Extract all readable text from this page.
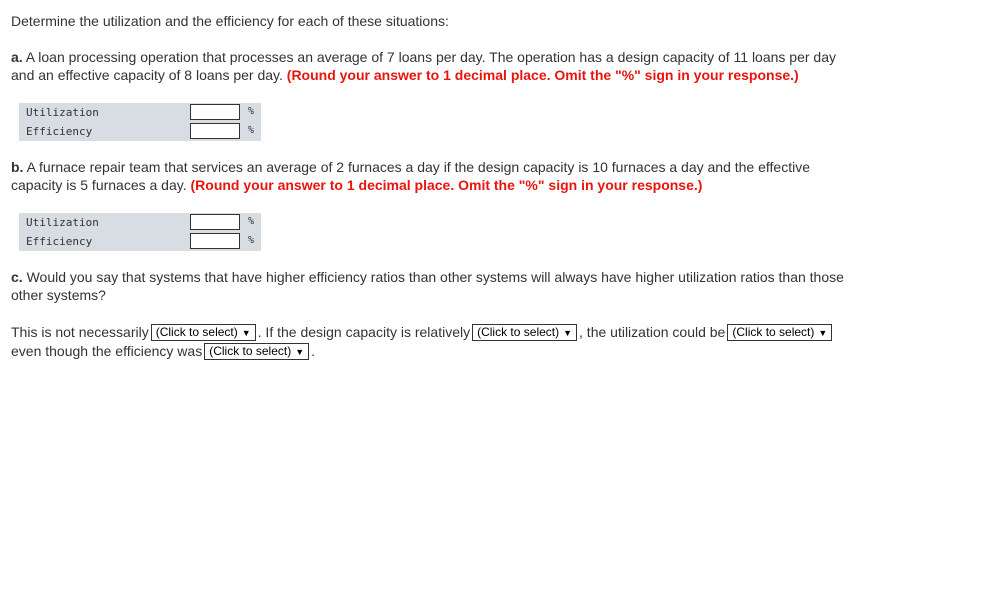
Determine the utilization and the efficiency for each of these situations:
a. A loan processing operation that processes an average of 7 loans per day. The operation has a design capacity of 11 loans per day
and an effective capacity of 8 loans per day. (Round your answer to 1 decimal place. Omit the "%" sign in your response.)
Utilization	%
Efficiency	%
b. A furnace repair team that services an average of 2 furnaces a day if the design capacity is 10 furnaces a day and the effective
capacity is 5 furnaces a day. (Round your answer to 1 decimal place. Omit the "%" sign in your response.)
Utilization	%
Efficiency	%
c. Would you say that systems that have higher efficiency ratios than other systems will always have higher utilization ratios than those
other systems?
This is not necessarily (Click to select) ▼ . If the design capacity is relatively (Click to select) ▼ , the utilization could be (Click to select) ▼
even though the efficiency was (Click to select) ▼ .
